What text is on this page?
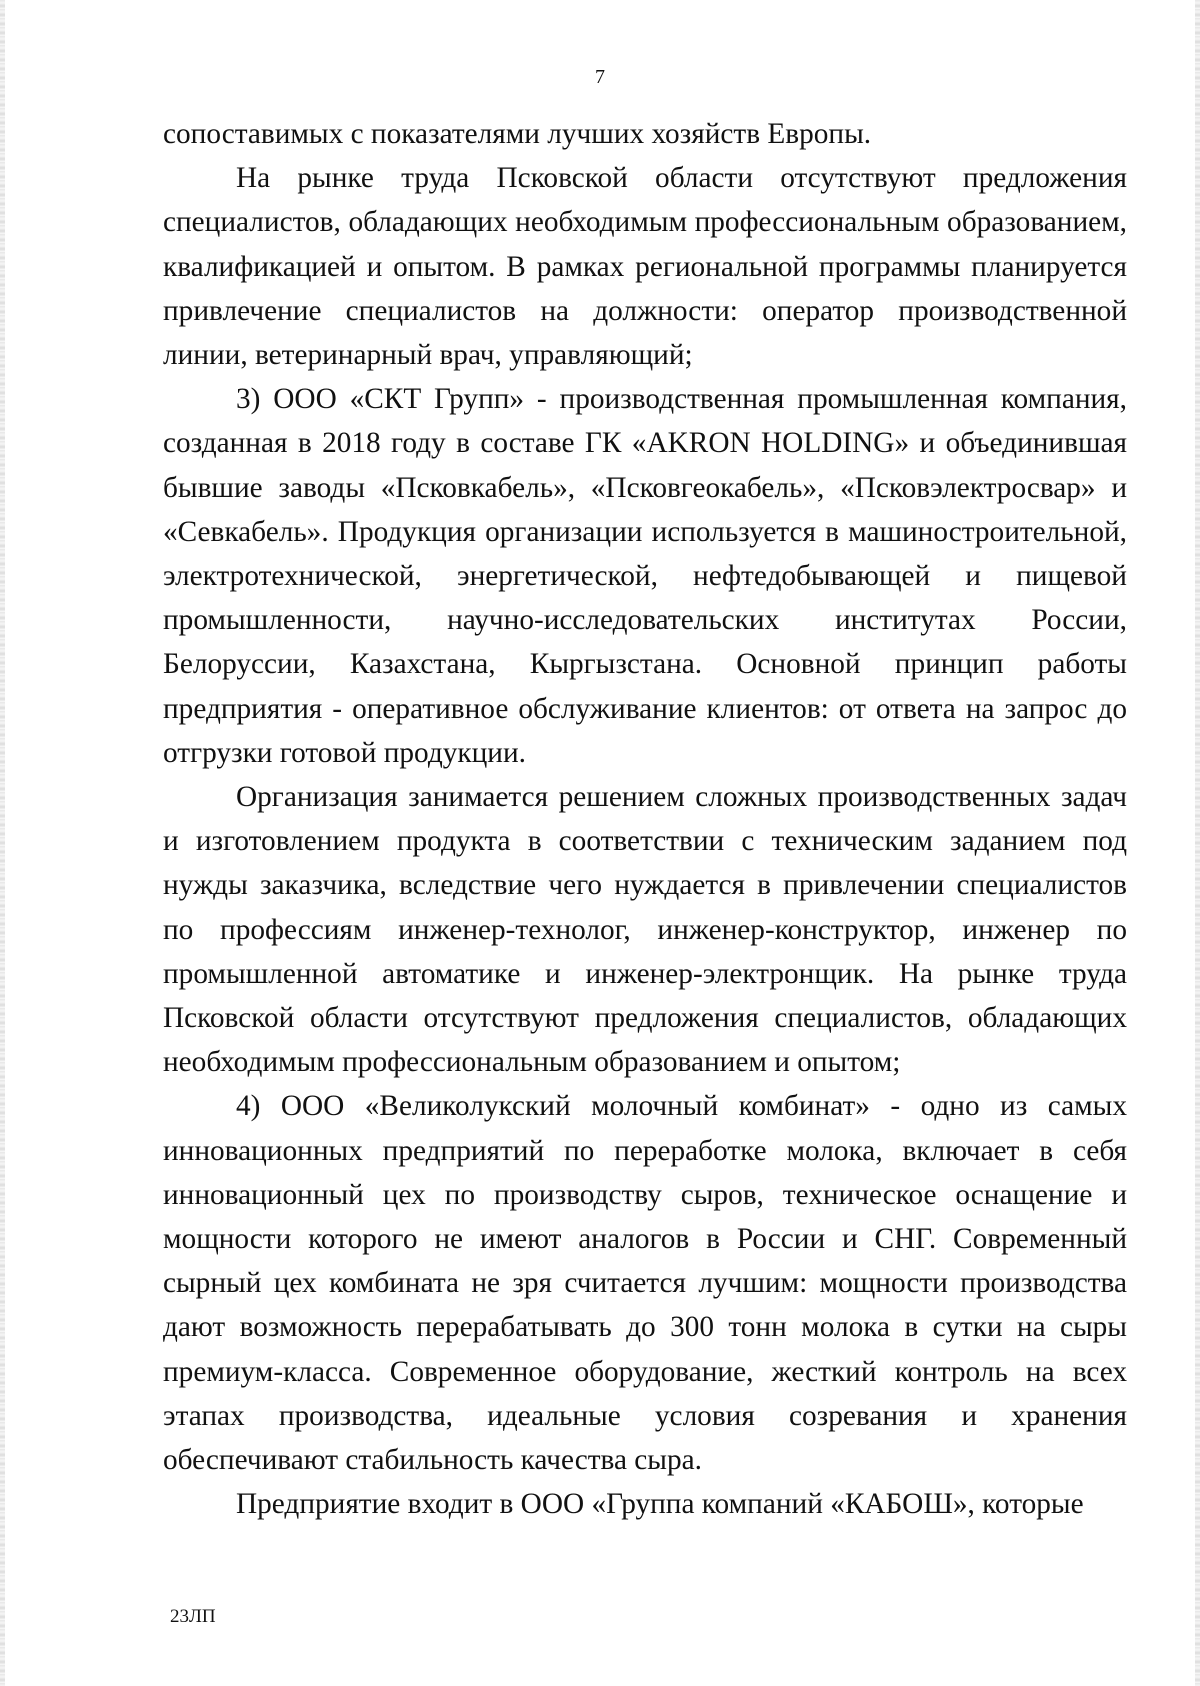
7

сопоставимых с показателями лучших хозяйств Европы.

На рынке труда Псковской области отсутствуют предложения специалистов, обладающих необходимым профессиональным образованием, квалификацией и опытом. В рамках региональной программы планируется привлечение специалистов на должности: оператор производственной линии, ветеринарный врач, управляющий;

3) ООО «СКТ Групп» - производственная промышленная компания, созданная в 2018 году в составе ГК «AKRON HOLDING» и объединившая бывшие заводы «Псковкабель», «Псковгеокабель», «Псковэлектросвар» и «Севкабель». Продукция организации используется в машиностроительной, электротехнической, энергетической, нефтедобывающей и пищевой промышленности, научно-исследовательских институтах России, Белоруссии, Казахстана, Кыргызстана. Основной принцип работы предприятия - оперативное обслуживание клиентов: от ответа на запрос до отгрузки готовой продукции.

Организация занимается решением сложных производственных задач и изготовлением продукта в соответствии с техническим заданием под нужды заказчика, вследствие чего нуждается в привлечении специалистов по профессиям инженер-технолог, инженер-конструктор, инженер по промышленной автоматике и инженер-электронщик. На рынке труда Псковской области отсутствуют предложения специалистов, обладающих необходимым профессиональным образованием и опытом;

4) ООО «Великолукский молочный комбинат» - одно из самых инновационных предприятий по переработке молока, включает в себя инновационный цех по производству сыров, техническое оснащение и мощности которого не имеют аналогов в России и СНГ. Современный сырный цех комбината не зря считается лучшим: мощности производства дают возможность перерабатывать до 300 тонн молока в сутки на сыры премиум-класса. Современное оборудование, жесткий контроль на всех этапах производства, идеальные условия созревания и хранения обеспечивают стабильность качества сыра.

Предприятие входит в ООО «Группа компаний «КАБОШ», которые

23ЛП
